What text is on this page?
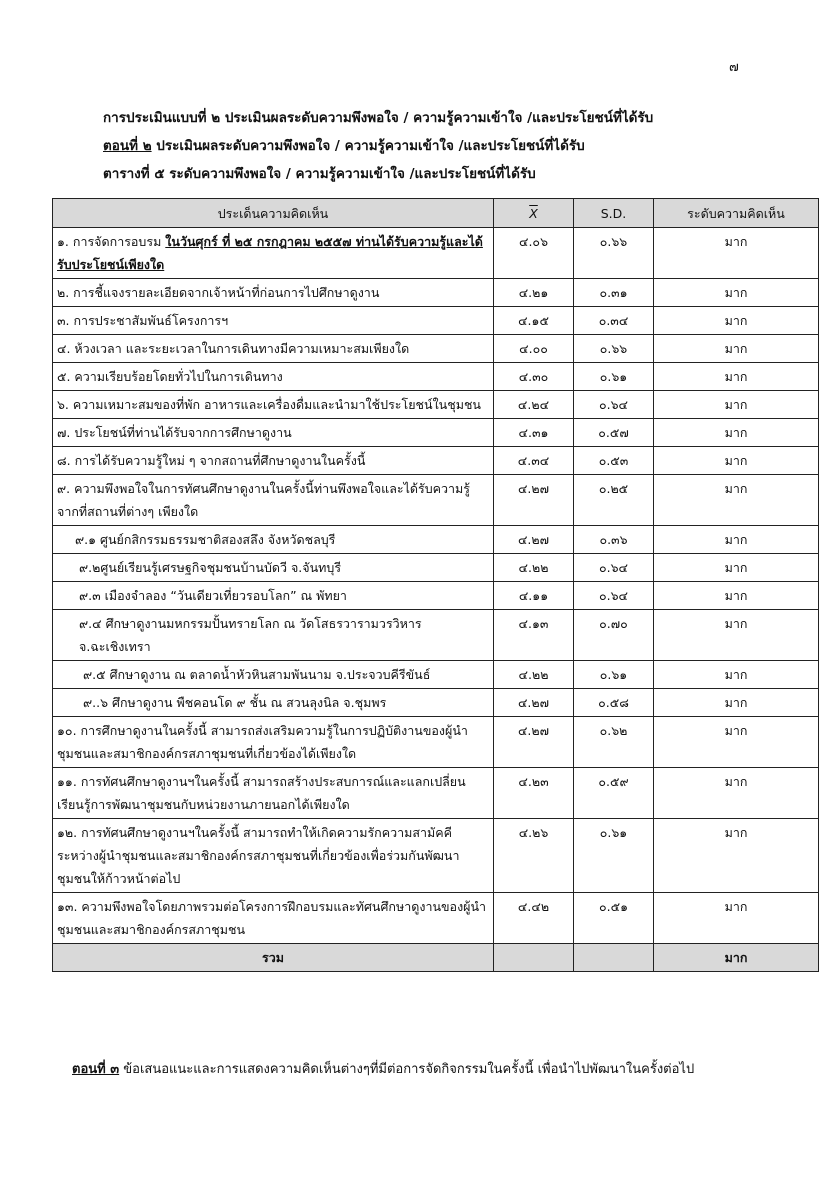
๗
การประเมินแบบที่ ๒ ประเมินผลระดับความพึงพอใจ / ความรู้ความเข้าใจ /และประโยชน์ที่ได้รับ
ตอนที่ ๒ ประเมินผลระดับความพึงพอใจ / ความรู้ความเข้าใจ /และประโยชน์ที่ได้รับ
ตารางที่ ๕ ระดับความพึงพอใจ / ความรู้ความเข้าใจ /และประโยชน์ที่ได้รับ
ประเด็นความคิดเห็น	$\overline{X}$	S.D.	ระดับความคิดเห็น
๑. การจัดการอบรม ในวันศุกร์ ที่ ๒๕ กรกฎาคม ๒๕๕๗ ท่านได้รับความรู้และได้รับประโยชน์เพียงใด	๔.๐๖	๐.๖๖	มาก
๒. การชี้แจงรายละเอียดจากเจ้าหน้าที่ก่อนการไปศึกษาดูงาน	๔.๒๑	๐.๓๑	มาก
๓. การประชาสัมพันธ์โครงการฯ	๔.๑๕	๐.๓๔	มาก
๔. ห้วงเวลา และระยะเวลาในการเดินทางมีความเหมาะสมเพียงใด	๔.๐๐	๐.๖๖	มาก
๕. ความเรียบร้อยโดยทั่วไปในการเดินทาง	๔.๓๐	๐.๖๑	มาก
๖. ความเหมาะสมของที่พัก อาหารและเครื่องดื่มและนำมาใช้ประโยชน์ในชุมชน	๔.๒๔	๐.๖๔	มาก
๗. ประโยชน์ที่ท่านได้รับจากการศึกษาดูงาน	๔.๓๑	๐.๕๗	มาก
๘. การได้รับความรู้ใหม่ ๆ จากสถานที่ศึกษาดูงานในครั้งนี้	๔.๓๔	๐.๕๓	มาก
๙. ความพึงพอใจในการทัศนศึกษาดูงานในครั้งนี้ท่านพึงพอใจและได้รับความรู้จากที่สถานที่ต่างๆ เพียงใด	๔.๒๗	๐.๒๕	มาก
๙.๑ ศูนย์กสิกรรมธรรมชาติสองสลึง จังหวัดชลบุรี	๔.๒๗	๐.๓๖	มาก
๙.๒ศูนย์เรียนรู้เศรษฐกิจชุมชนบ้านบัดวี จ.จันทบุรี	๔.๒๒	๐.๖๔	มาก
๙.๓ เมืองจำลอง “วันเดียวเที่ยวรอบโลก” ณ พัทยา	๔.๑๑	๐.๖๔	มาก
๙.๔ ศึกษาดูงานมหกรรมปั้นทรายโลก ณ วัดโสธรวารามวรวิหาร จ.ฉะเชิงเทรา	๔.๑๓	๐.๗๐	มาก
๙.๕ ศึกษาดูงาน ณ ตลาดน้ำหัวหินสามพันนาม จ.ประจวบคีรีขันธ์	๔.๒๒	๐.๖๑	มาก
๙..๖ ศึกษาดูงาน พืชคอนโด ๙ ชั้น ณ สวนลุงนิล จ.ชุมพร	๔.๒๗	๐.๕๘	มาก
๑๐. การศึกษาดูงานในครั้งนี้ สามารถส่งเสริมความรู้ในการปฏิบัติงานของผู้นำชุมชนและสมาชิกองค์กรสภาชุมชนที่เกี่ยวข้องได้เพียงใด	๔.๒๗	๐.๖๒	มาก
๑๑. การทัศนศึกษาดูงานฯในครั้งนี้ สามารถสร้างประสบการณ์และแลกเปลี่ยนเรียนรู้การพัฒนาชุมชนกับหน่วยงานภายนอกได้เพียงใด	๔.๒๓	๐.๕๙	มาก
๑๒. การทัศนศึกษาดูงานฯในครั้งนี้ สามารถทำให้เกิดความรักความสามัคคี ระหว่างผู้นำชุมชนและสมาชิกองค์กรสภาชุมชนที่เกี่ยวข้องเพื่อร่วมกันพัฒนาชุมชนให้ก้าวหน้าต่อไป	๔.๒๖	๐.๖๑	มาก
๑๓. ความพึงพอใจโดยภาพรวมต่อโครงการฝึกอบรมและทัศนศึกษาดูงานของผู้นำชุมชนและสมาชิกองค์กรสภาชุมชน	๔.๔๒	๐.๕๑	มาก
รวม			มาก
ตอนที่ ๓ ข้อเสนอแนะและการแสดงความคิดเห็นต่างๆที่มีต่อการจัดกิจกรรมในครั้งนี้ เพื่อนำไปพัฒนาในครั้งต่อไป
